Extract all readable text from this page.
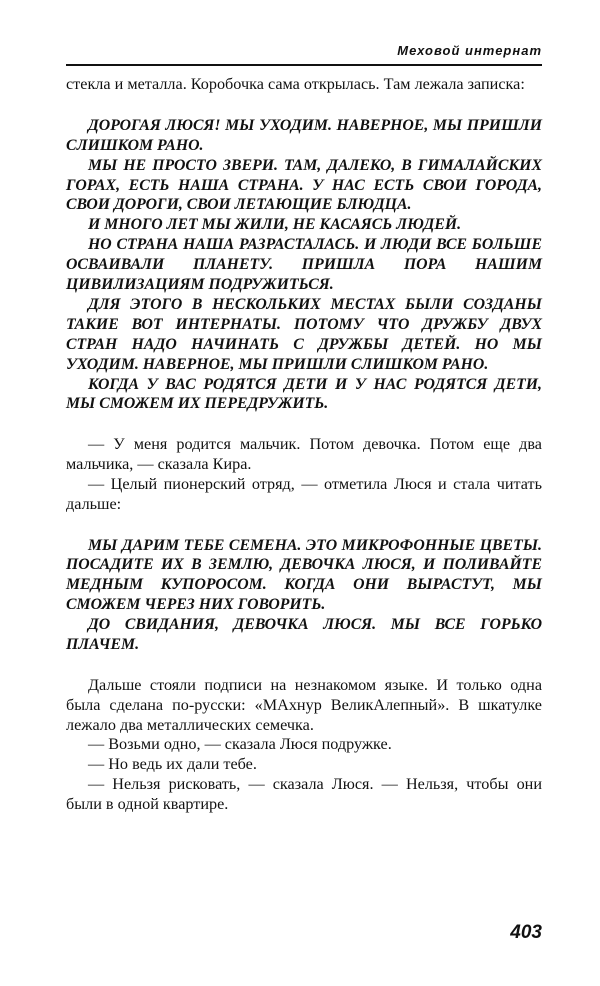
Меховой интернат

стекла и металла. Коробочка сама открылась. Там лежала записка:

ДОРОГАЯ ЛЮСЯ! МЫ УХОДИМ. НАВЕРНОЕ, МЫ ПРИШЛИ СЛИШКОМ РАНО.

МЫ НЕ ПРОСТО ЗВЕРИ. ТАМ, ДАЛЕКО, В ГИМАЛАЙСКИХ ГОРАХ, ЕСТЬ НАША СТРАНА. У НАС ЕСТЬ СВОИ ГОРОДА, СВОИ ДОРОГИ, СВОИ ЛЕТАЮЩИЕ БЛЮДЦА.

И МНОГО ЛЕТ МЫ ЖИЛИ, НЕ КАСАЯСЬ ЛЮДЕЙ.

НО СТРАНА НАША РАЗРАСТАЛАСЬ. И ЛЮДИ ВСЕ БОЛЬШЕ ОСВАИВАЛИ ПЛАНЕТУ. ПРИШЛА ПОРА НАШИМ ЦИВИЛИЗАЦИЯМ ПОДРУЖИТЬСЯ.

ДЛЯ ЭТОГО В НЕСКОЛЬКИХ МЕСТАХ БЫЛИ СОЗДАНЫ ТАКИЕ ВОТ ИНТЕРНАТЫ. ПОТОМУ ЧТО ДРУЖБУ ДВУХ СТРАН НАДО НАЧИНАТЬ С ДРУЖБЫ ДЕТЕЙ. НО МЫ УХОДИМ. НАВЕРНОЕ, МЫ ПРИШЛИ СЛИШКОМ РАНО.

КОГДА У ВАС РОДЯТСЯ ДЕТИ И У НАС РОДЯТСЯ ДЕТИ, МЫ СМОЖЕМ ИХ ПЕРЕДРУЖИТЬ.

— У меня родится мальчик. Потом девочка. Потом еще два мальчика, — сказала Кира.

— Целый пионерский отряд, — отметила Люся и стала читать дальше:

МЫ ДАРИМ ТЕБЕ СЕМЕНА. ЭТО МИКРОФОННЫЕ ЦВЕТЫ. ПОСАДИТЕ ИХ В ЗЕМЛЮ, ДЕВОЧКА ЛЮСЯ, И ПОЛИВАЙТЕ МЕДНЫМ КУПОРОСОМ. КОГДА ОНИ ВЫРАСТУТ, МЫ СМОЖЕМ ЧЕРЕЗ НИХ ГОВОРИТЬ.

ДО СВИДАНИЯ, ДЕВОЧКА ЛЮСЯ. МЫ ВСЕ ГОРЬКО ПЛАЧЕМ.

Дальше стояли подписи на незнакомом языке. И только одна была сделана по-русски: «МАхнур ВеликАлепный». В шкатулке лежало два металлических семечка.

— Возьми одно, — сказала Люся подружке.

— Но ведь их дали тебе.

— Нельзя рисковать, — сказала Люся. — Нельзя, чтобы они были в одной квартире.

403
